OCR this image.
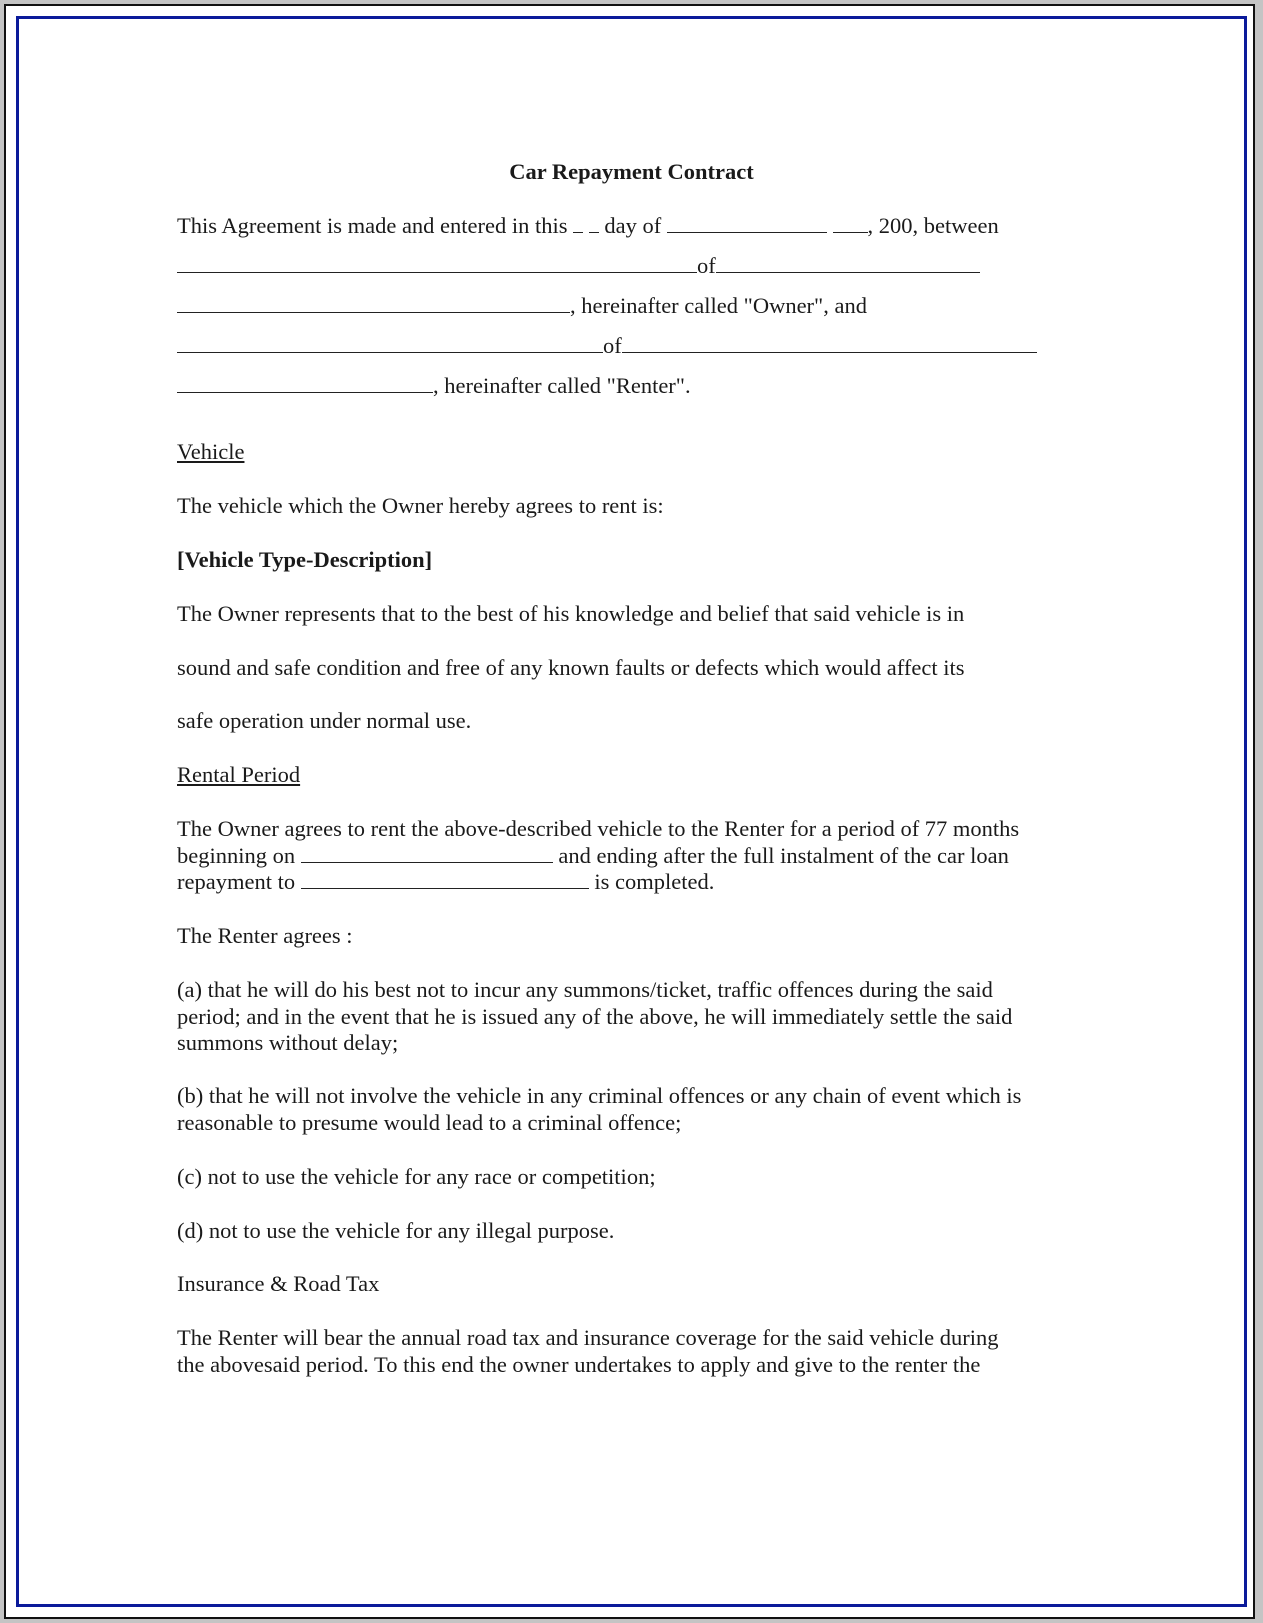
Car Repayment Contract
This Agreement is made and entered in this day of	, 200, between
of
, hereinafter called "Owner", and
of
, hereinafter called "Renter".
Vehicle
The vehicle which the Owner hereby agrees to rent is:
[Vehicle Type-Description]
The Owner represents that to the best of his knowledge and belief that said vehicle is in
sound and safe condition and free of any known faults or defects which would affect its
safe operation under normal use.
Rental Period
The Owner agrees to rent the above-described vehicle to the Renter for a period of 77 months
beginning on	and ending after the full instalment of the car loan
repayment to	is completed.
The Renter agrees :
(a) that he will do his best not to incur any summons/ticket, traffic offences during the said
period; and in the event that he is issued any of the above, he will immediately settle the said
summons without delay;
(b) that he will not involve the vehicle in any criminal offences or any chain of event which is
reasonable to presume would lead to a criminal offence;
(c) not to use the vehicle for any race or competition;
(d) not to use the vehicle for any illegal purpose.
Insurance & Road Tax
The Renter will bear the annual road tax and insurance coverage for the said vehicle during
the abovesaid period. To this end the owner undertakes to apply and give to the renter the
